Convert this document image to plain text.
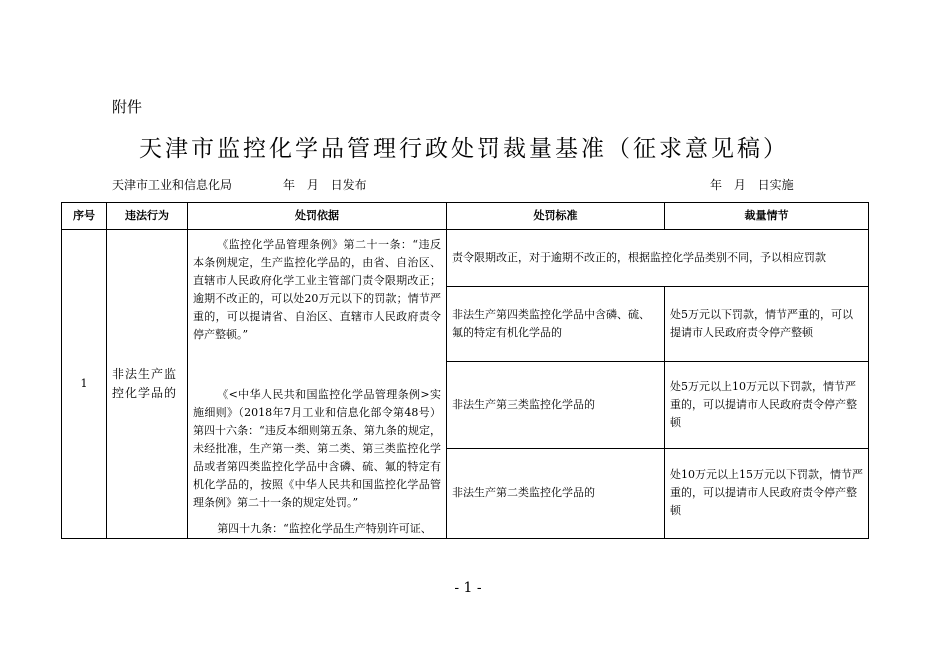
附件
天津市监控化学品管理行政处罚裁量基准（征求意见稿）
天津市工业和信息化局	年 月 日发布	年 月 日实施
序号	违法行为	处罚依据	处罚标准	裁量情节
1	非法生产监控化学品的	《监控化学品管理条例》第二十一条：“违反本条例规定，生产监控化学品的，由省、自治区、直辖市人民政府化学工业主管部门责令限期改正；逾期不改正的，可以处20万元以下的罚款；情节严重的，可以提请省、自治区、直辖市人民政府责令停产整顿。”

《<中华人民共和国监控化学品管理条例>实施细则》（2018年7月工业和信息化部令第48号）第四十六条：“违反本细则第五条、第九条的规定，未经批准，生产第一类、第二类、第三类监控化学品或者第四类监控化学品中含磷、硫、氟的特定有机化学品的，按照《中华人民共和国监控化学品管理条例》第二十一条的规定处罚。”

第四十九条：“监控化学品生产特别许可证、	责令限期改正，对于逾期不改正的，根据监控化学品类别不同，予以相应罚款	
			非法生产第四类监控化学品中含磷、硫、氟的特定有机化学品的	处5万元以下罚款，情节严重的，可以提请市人民政府责令停产整顿
			非法生产第三类监控化学品的	处5万元以上10万元以下罚款，情节严重的，可以提请市人民政府责令停产整顿
			非法生产第二类监控化学品的	处10万元以上15万元以下罚款，情节严重的，可以提请市人民政府责令停产整顿
- 1 -
